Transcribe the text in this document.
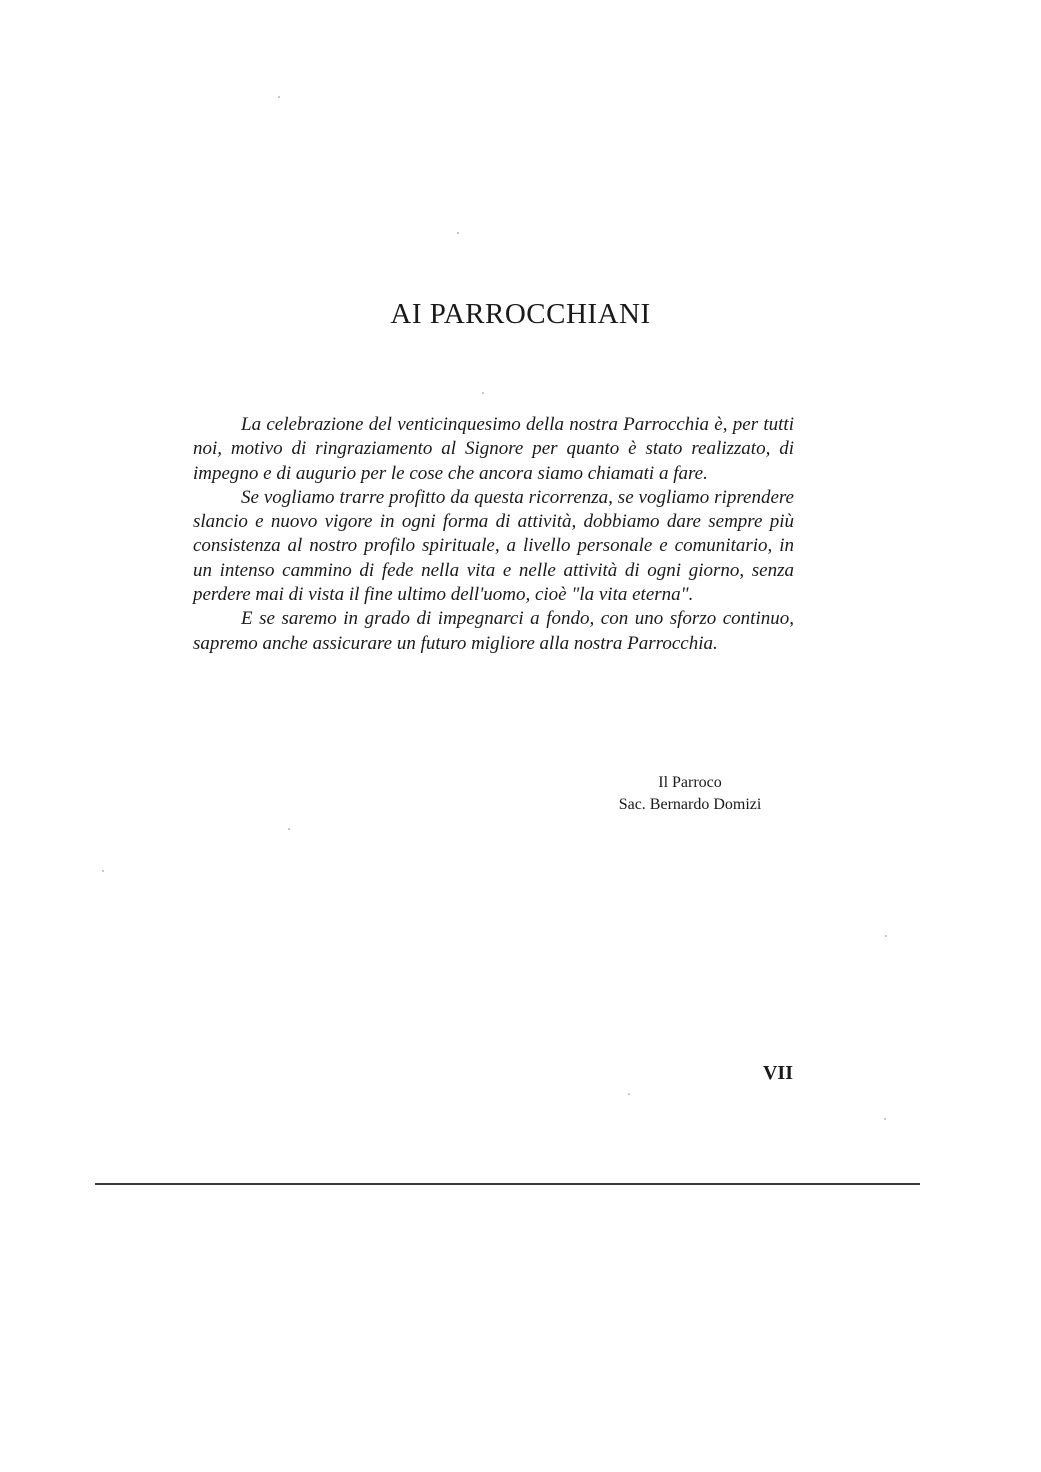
AI PARROCCHIANI

La celebrazione del venticinquesimo della nostra Parrocchia è, per tutti noi, motivo di ringraziamento al Signore per quanto è stato realizzato, di impegno e di augurio per le cose che ancora siamo chiamati a fare.

Se vogliamo trarre profitto da questa ricorrenza, se vogliamo riprendere slancio e nuovo vigore in ogni forma di attività, dobbiamo dare sempre più consistenza al nostro profilo spirituale, a livello personale e comunitario, in un intenso cammino di fede nella vita e nelle attività di ogni giorno, senza perdere mai di vista il fine ultimo dell'uomo, cioè "la vita eterna".

E se saremo in grado di impegnarci a fondo, con uno sforzo continuo, sapremo anche assicurare un futuro migliore alla nostra Parrocchia.

Il Parroco
Sac. Bernardo Domizi
VII
